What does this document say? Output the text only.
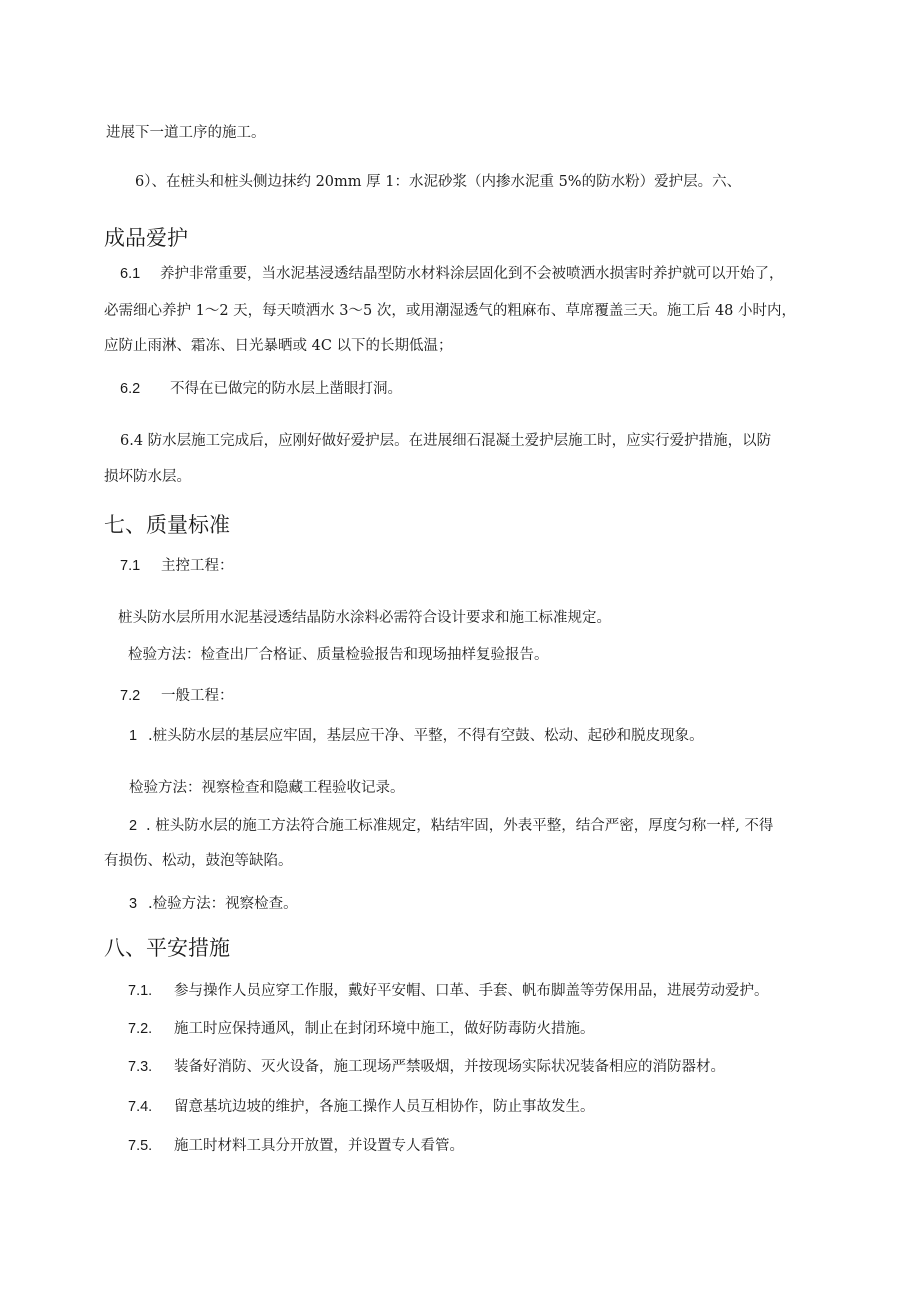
进展下一道工序的施工。
6）、在桩头和桩头侧边抹约 20mm 厚 1：水泥砂浆（内掺水泥重 5%的防水粉）爱护层。六、
成品爱护
6.1 养护非常重要，当水泥基浸透结晶型防水材料涂层固化到不会被喷洒水损害时养护就可以开始了，
必需细心养护 1～2 天，每天喷洒水 3～5 次，或用潮湿透气的粗麻布、草席覆盖三天。施工后 48 小时内，
应防止雨淋、霜冻、日光暴晒或 4C 以下的长期低温；
6.2 不得在已做完的防水层上凿眼打洞。
6.4 防水层施工完成后，应刚好做好爱护层。在进展细石混凝土爱护层施工时，应实行爱护措施，以防
损坏防水层。
七、质量标准
7.1 主控工程：
桩头防水层所用水泥基浸透结晶防水涂料必需符合设计要求和施工标准规定。
检验方法：检查出厂合格证、质量检验报告和现场抽样复验报告。
7.2 一般工程：
1 .桩头防水层的基层应牢固，基层应干净、平整，不得有空鼓、松动、起砂和脱皮现象。
检验方法：视察检查和隐藏工程验收记录。
2 . 桩头防水层的施工方法符合施工标准规定，粘结牢固，外表平整，结合严密，厚度匀称一样, 不得
有损伤、松动，鼓泡等缺陷。
3 .检验方法：视察检查。
八、平安措施
7.1. 参与操作人员应穿工作服，戴好平安帽、口革、手套、帆布脚盖等劳保用品，进展劳动爱护。
7.2. 施工时应保持通风，制止在封闭环境中施工，做好防毒防火措施。
7.3. 装备好消防、灭火设备，施工现场严禁吸烟，并按现场实际状况装备相应的消防器材。
7.4. 留意基坑边坡的维护，各施工操作人员互相协作，防止事故发生。
7.5. 施工时材料工具分开放置，并设置专人看管。
